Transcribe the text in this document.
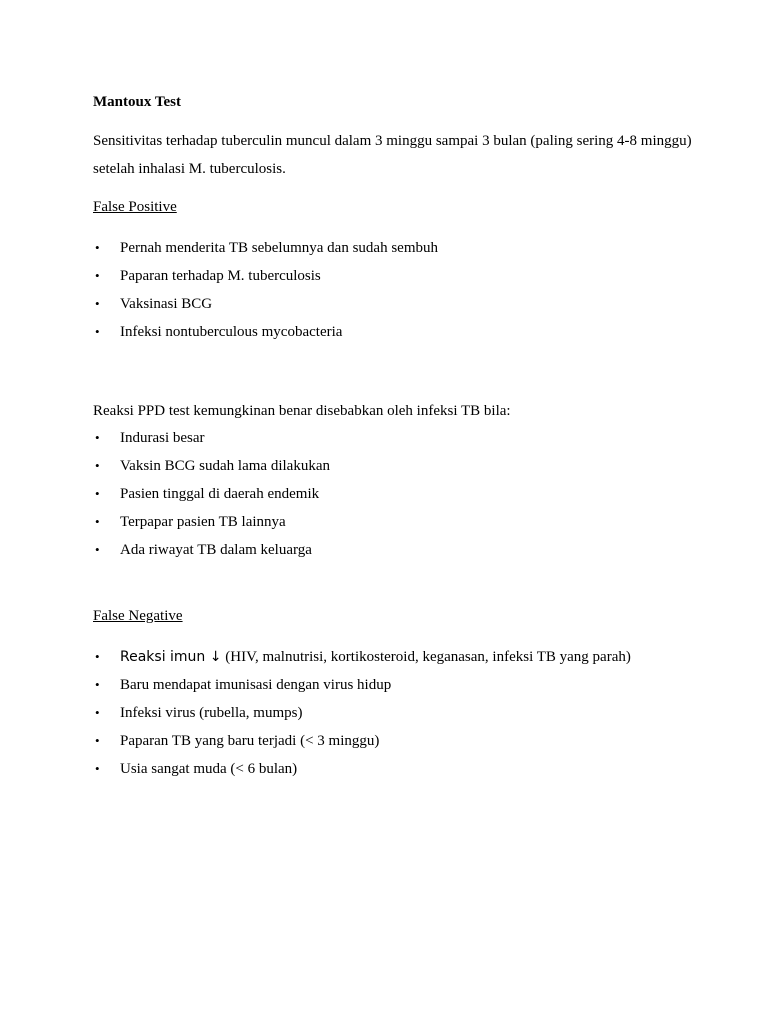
Mantoux Test
Sensitivitas terhadap tuberculin muncul dalam 3 minggu sampai 3 bulan (paling sering 4-8 minggu) setelah inhalasi M. tuberculosis.
False Positive
• Pernah menderita TB sebelumnya dan sudah sembuh
• Paparan terhadap M. tuberculosis
• Vaksinasi BCG
• Infeksi nontuberculous mycobacteria
Reaksi PPD test kemungkinan benar disebabkan oleh infeksi TB bila:
• Indurasi besar
• Vaksin BCG sudah lama dilakukan
• Pasien tinggal di daerah endemik
• Terpapar pasien TB lainnya
• Ada riwayat TB dalam keluarga
False Negative
• Reaksi imun ↓ (HIV, malnutrisi, kortikosteroid, keganasan, infeksi TB yang parah)
• Baru mendapat imunisasi dengan virus hidup
• Infeksi virus (rubella, mumps)
• Paparan TB yang baru terjadi (< 3 minggu)
• Usia sangat muda (< 6 bulan)
